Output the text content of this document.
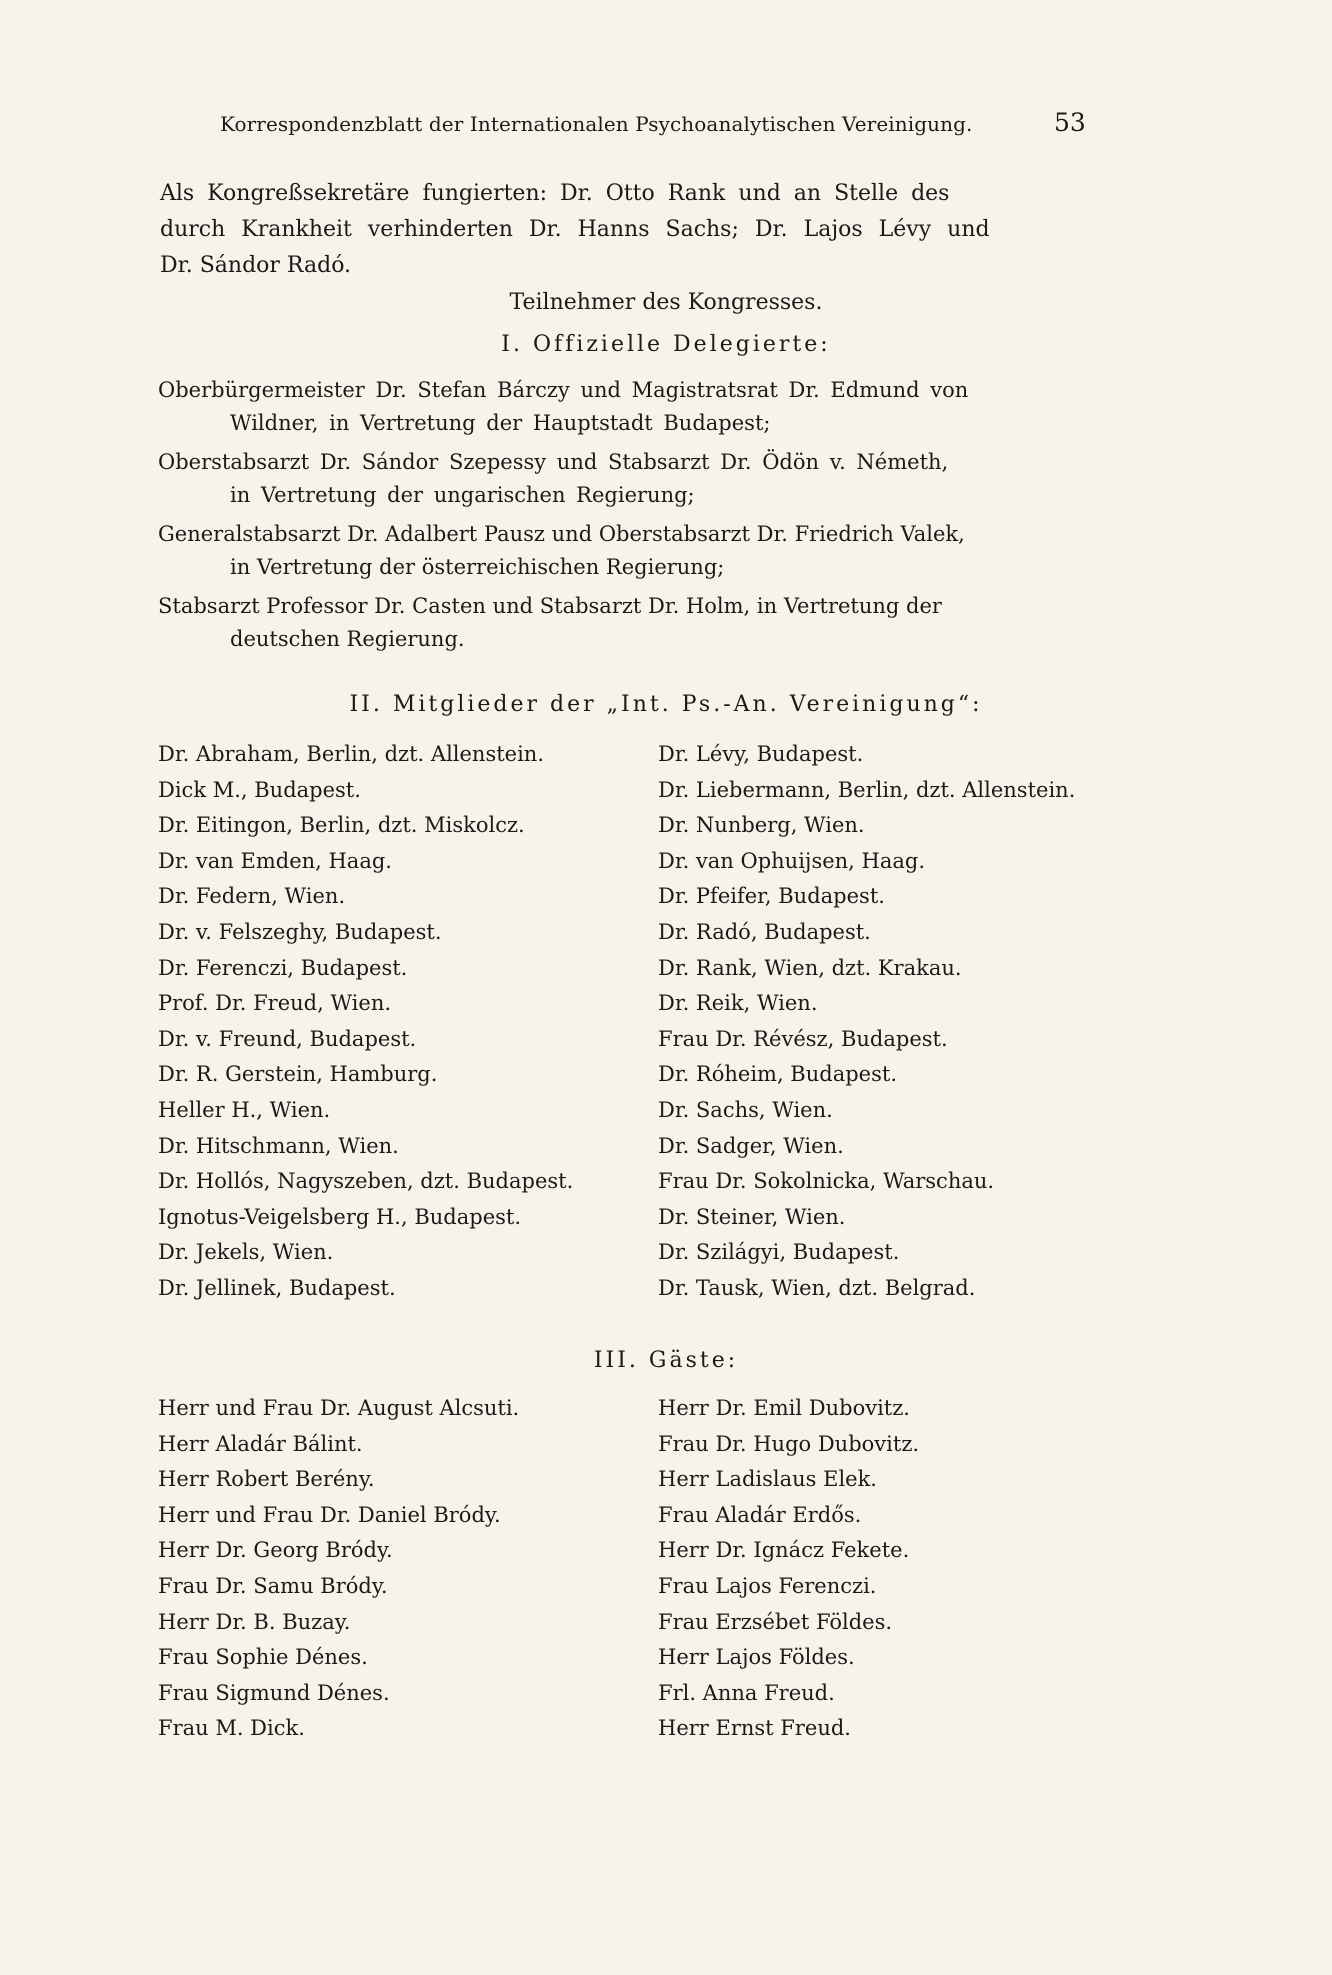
Korrespondenzblatt der Internationalen Psychoanalytischen Vereinigung.	53
Als Kongreßsekretäre fungierten: Dr. Otto Rank und an Stelle des
durch Krankheit verhinderten Dr. Hanns Sachs; Dr. Lajos Lévy und
Dr. Sándor Radó.
Teilnehmer des Kongresses.
I. Offizielle Delegierte:
Oberbürgermeister Dr. Stefan Bárczy und Magistratsrat Dr. Edmund von
Wildner, in Vertretung der Hauptstadt Budapest;
Oberstabsarzt Dr. Sándor Szepessy und Stabsarzt Dr. Ödön v. Németh,
in Vertretung der ungarischen Regierung;
Generalstabsarzt Dr. Adalbert Pausz und Oberstabsarzt Dr. Friedrich Valek,
in Vertretung der österreichischen Regierung;
Stabsarzt Professor Dr. Casten und Stabsarzt Dr. Holm, in Vertretung der
deutschen Regierung.
II. Mitglieder der „Int. Ps.-An. Vereinigung“:
Dr. Abraham, Berlin, dzt. Allenstein.
Dick M., Budapest.
Dr. Eitingon, Berlin, dzt. Miskolcz.
Dr. van Emden, Haag.
Dr. Federn, Wien.
Dr. v. Felszeghy, Budapest.
Dr. Ferenczi, Budapest.
Prof. Dr. Freud, Wien.
Dr. v. Freund, Budapest.
Dr. R. Gerstein, Hamburg.
Heller H., Wien.
Dr. Hitschmann, Wien.
Dr. Hollós, Nagyszeben, dzt. Budapest.
Ignotus-Veigelsberg H., Budapest.
Dr. Jekels, Wien.
Dr. Jellinek, Budapest.
Dr. Lévy, Budapest.
Dr. Liebermann, Berlin, dzt. Allenstein.
Dr. Nunberg, Wien.
Dr. van Ophuijsen, Haag.
Dr. Pfeifer, Budapest.
Dr. Radó, Budapest.
Dr. Rank, Wien, dzt. Krakau.
Dr. Reik, Wien.
Frau Dr. Révész, Budapest.
Dr. Róheim, Budapest.
Dr. Sachs, Wien.
Dr. Sadger, Wien.
Frau Dr. Sokolnicka, Warschau.
Dr. Steiner, Wien.
Dr. Szilágyi, Budapest.
Dr. Tausk, Wien, dzt. Belgrad.
III. Gäste:
Herr und Frau Dr. August Alcsuti.
Herr Aladár Bálint.
Herr Robert Berény.
Herr und Frau Dr. Daniel Bródy.
Herr Dr. Georg Bródy.
Frau Dr. Samu Bródy.
Herr Dr. B. Buzay.
Frau Sophie Dénes.
Frau Sigmund Dénes.
Frau M. Dick.
Herr Dr. Emil Dubovitz.
Frau Dr. Hugo Dubovitz.
Herr Ladislaus Elek.
Frau Aladár Erdős.
Herr Dr. Ignácz Fekete.
Frau Lajos Ferenczi.
Frau Erzsébet Földes.
Herr Lajos Földes.
Frl. Anna Freud.
Herr Ernst Freud.
